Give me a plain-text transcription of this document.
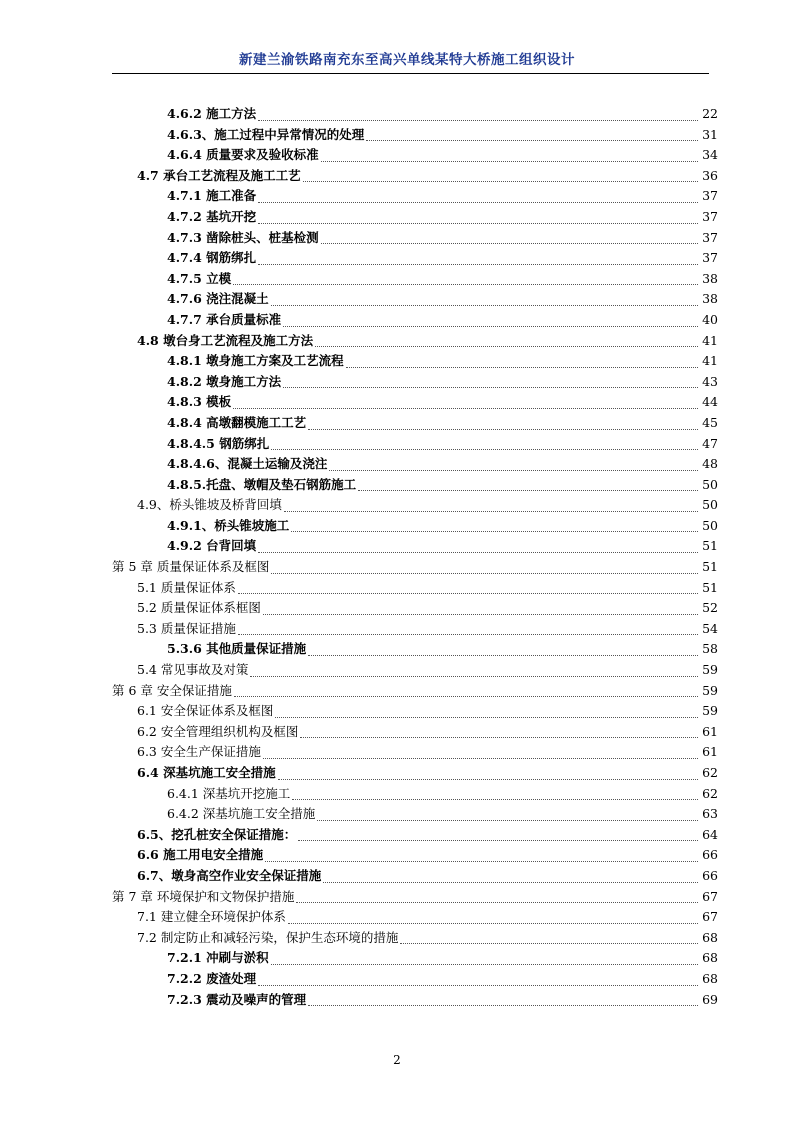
新建兰渝铁路南充东至高兴单线某特大桥施工组织设计
4.6.2 施工方法	22
4.6.3、施工过程中异常情况的处理	31
4.6.4 质量要求及验收标准	34
4.7 承台工艺流程及施工工艺	36
4.7.1 施工准备	37
4.7.2 基坑开挖	37
4.7.3 凿除桩头、桩基检测	37
4.7.4 钢筋绑扎	37
4.7.5 立模	38
4.7.6 浇注混凝土	38
4.7.7 承台质量标准	40
4.8 墩台身工艺流程及施工方法	41
4.8.1 墩身施工方案及工艺流程	41
4.8.2 墩身施工方法	43
4.8.3 模板	44
4.8.4 高墩翻模施工工艺	45
4.8.4.5 钢筋绑扎	47
4.8.4.6、混凝土运输及浇注	48
4.8.5.托盘、墩帽及垫石钢筋施工	50
4.9、桥头锥坡及桥背回填	50
4.9.1、桥头锥坡施工	50
4.9.2 台背回填	51
第 5 章 质量保证体系及框图	51
5.1 质量保证体系	51
5.2 质量保证体系框图	52
5.3 质量保证措施	54
5.3.6 其他质量保证措施	58
5.4 常见事故及对策	59
第 6 章 安全保证措施	59
6.1 安全保证体系及框图	59
6.2 安全管理组织机构及框图	61
6.3 安全生产保证措施	61
6.4 深基坑施工安全措施	62
6.4.1 深基坑开挖施工	62
6.4.2 深基坑施工安全措施	63
6.5、挖孔桩安全保证措施：	64
6.6 施工用电安全措施	66
6.7、墩身高空作业安全保证措施	66
第 7 章 环境保护和文物保护措施	67
7.1 建立健全环境保护体系	67
7.2 制定防止和减轻污染，保护生态环境的措施	68
7.2.1 冲刷与淤积	68
7.2.2 废渣处理	68
7.2.3 震动及噪声的管理	69
2
